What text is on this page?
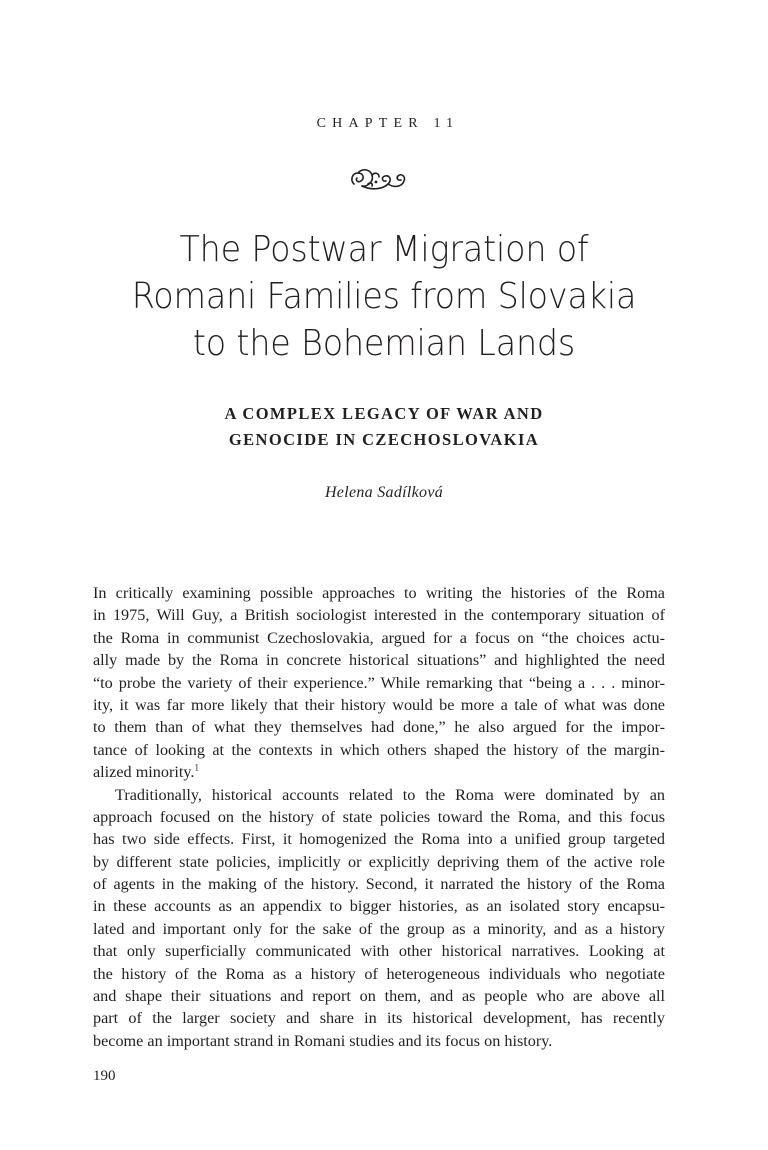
CHAPTER 11
The Postwar Migration of
Romani Families from Slovakia
to the Bohemian Lands
A COMPLEX LEGACY OF WAR AND
GENOCIDE IN CZECHOSLOVAKIA

Helena Sadílková

In critically examining possible approaches to writing the histories of the Roma
in 1975, Will Guy, a British sociologist interested in the contemporary situation of
the Roma in communist Czechoslovakia, argued for a focus on “the choices actu-
ally made by the Roma in concrete historical situations” and highlighted the need
“to probe the variety of their experience.” While remarking that “being a . . . minor-
ity, it was far more likely that their history would be more a tale of what was done
to them than of what they themselves had done,” he also argued for the impor-
tance of looking at the contexts in which others shaped the history of the margin-
alized minority.$^1$
Traditionally, historical accounts related to the Roma were dominated by an
approach focused on the history of state policies toward the Roma, and this focus
has two side effects. First, it homogenized the Roma into a unified group targeted
by different state policies, implicitly or explicitly depriving them of the active role
of agents in the making of the history. Second, it narrated the history of the Roma
in these accounts as an appendix to bigger histories, as an isolated story encapsu-
lated and important only for the sake of the group as a minority, and as a history
that only superficially communicated with other historical narratives. Looking at
the history of the Roma as a history of heterogeneous individuals who negotiate
and shape their situations and report on them, and as people who are above all
part of the larger society and share in its historical development, has recently
become an important strand in Romani studies and its focus on history.

190
